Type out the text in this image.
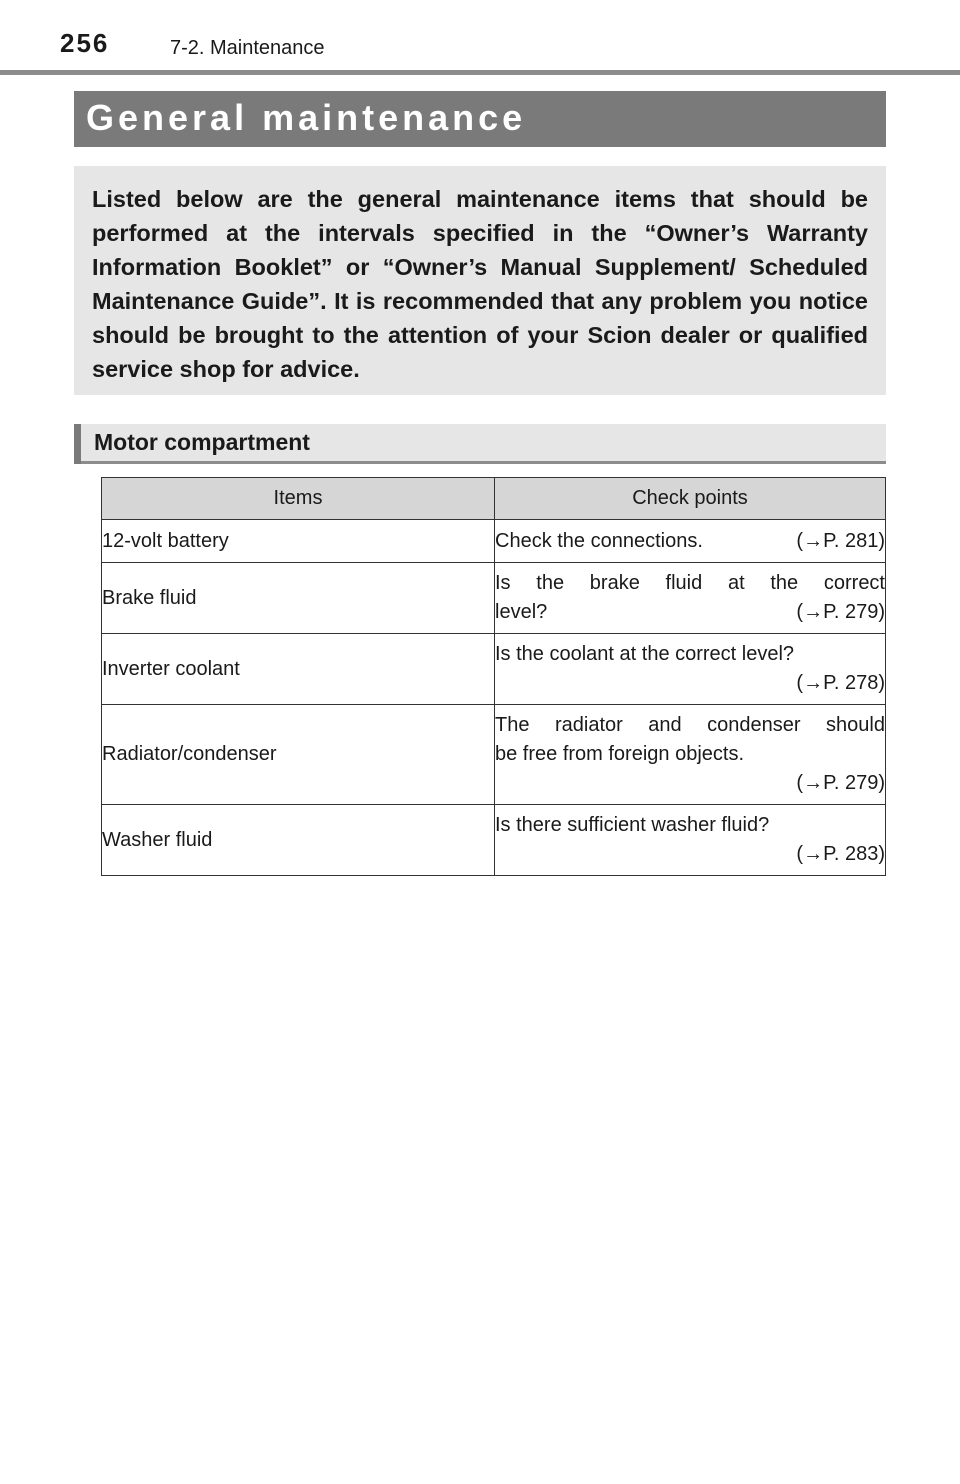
256	7-2. Maintenance
General maintenance
Listed below are the general maintenance items that should be performed at the intervals specified in the “Owner’s Warranty Information Booklet” or “Owner’s Manual Supplement/ Scheduled Maintenance Guide”. It is recommended that any problem you notice should be brought to the attention of your Scion dealer or qualified service shop for advice.
Motor compartment
Items	Check points
12-volt battery	Check the connections. (→P. 281)

Brake fluid	Is the brake fluid at the correct
level? (→P. 279)

Inverter coolant	Is the coolant at the correct level?
(→P. 278)

Radiator/condenser	The radiator and condenser should
be free from foreign objects.
(→P. 279)

Washer fluid	Is there sufficient washer fluid?
(→P. 283)
